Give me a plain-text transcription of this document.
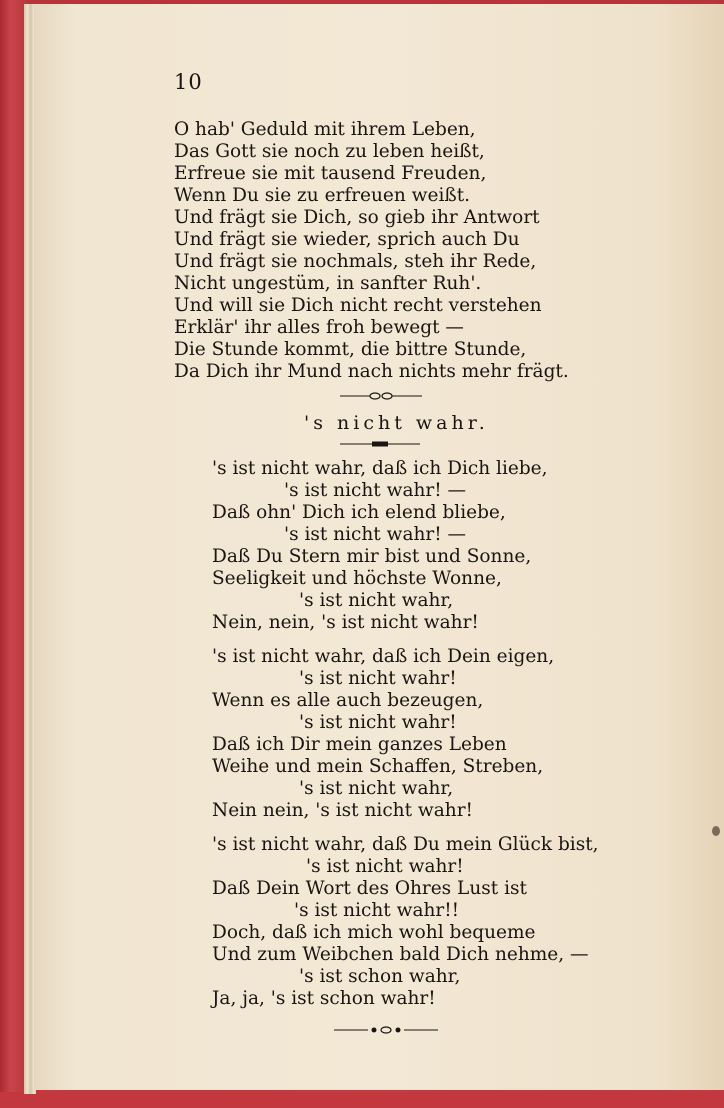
10
O hab' Geduld mit ihrem Leben,
Das Gott sie noch zu leben heißt,
Erfreue sie mit tausend Freuden,
Wenn Du sie zu erfreuen weißt.
Und frägt sie Dich, so gieb ihr Antwort
Und frägt sie wieder, sprich auch Du
Und frägt sie nochmals, steh ihr Rede,
Nicht ungestüm, in sanfter Ruh'.
Und will sie Dich nicht recht verstehen
Erklär' ihr alles froh bewegt —
Die Stunde kommt, die bittre Stunde,
Da Dich ihr Mund nach nichts mehr frägt.
's nicht wahr.
's ist nicht wahr, daß ich Dich liebe,
's ist nicht wahr! —
Daß ohn' Dich ich elend bliebe,
's ist nicht wahr! —
Daß Du Stern mir bist und Sonne,
Seeligkeit und höchste Wonne,
's ist nicht wahr,
Nein, nein, 's ist nicht wahr!
's ist nicht wahr, daß ich Dein eigen,
's ist nicht wahr!
Wenn es alle auch bezeugen,
's ist nicht wahr!
Daß ich Dir mein ganzes Leben
Weihe und mein Schaffen, Streben,
's ist nicht wahr,
Nein nein, 's ist nicht wahr!
's ist nicht wahr, daß Du mein Glück bist,
's ist nicht wahr!
Daß Dein Wort des Ohres Lust ist
's ist nicht wahr!!
Doch, daß ich mich wohl bequeme
Und zum Weibchen bald Dich nehme, —
's ist schon wahr,
Ja, ja, 's ist schon wahr!
